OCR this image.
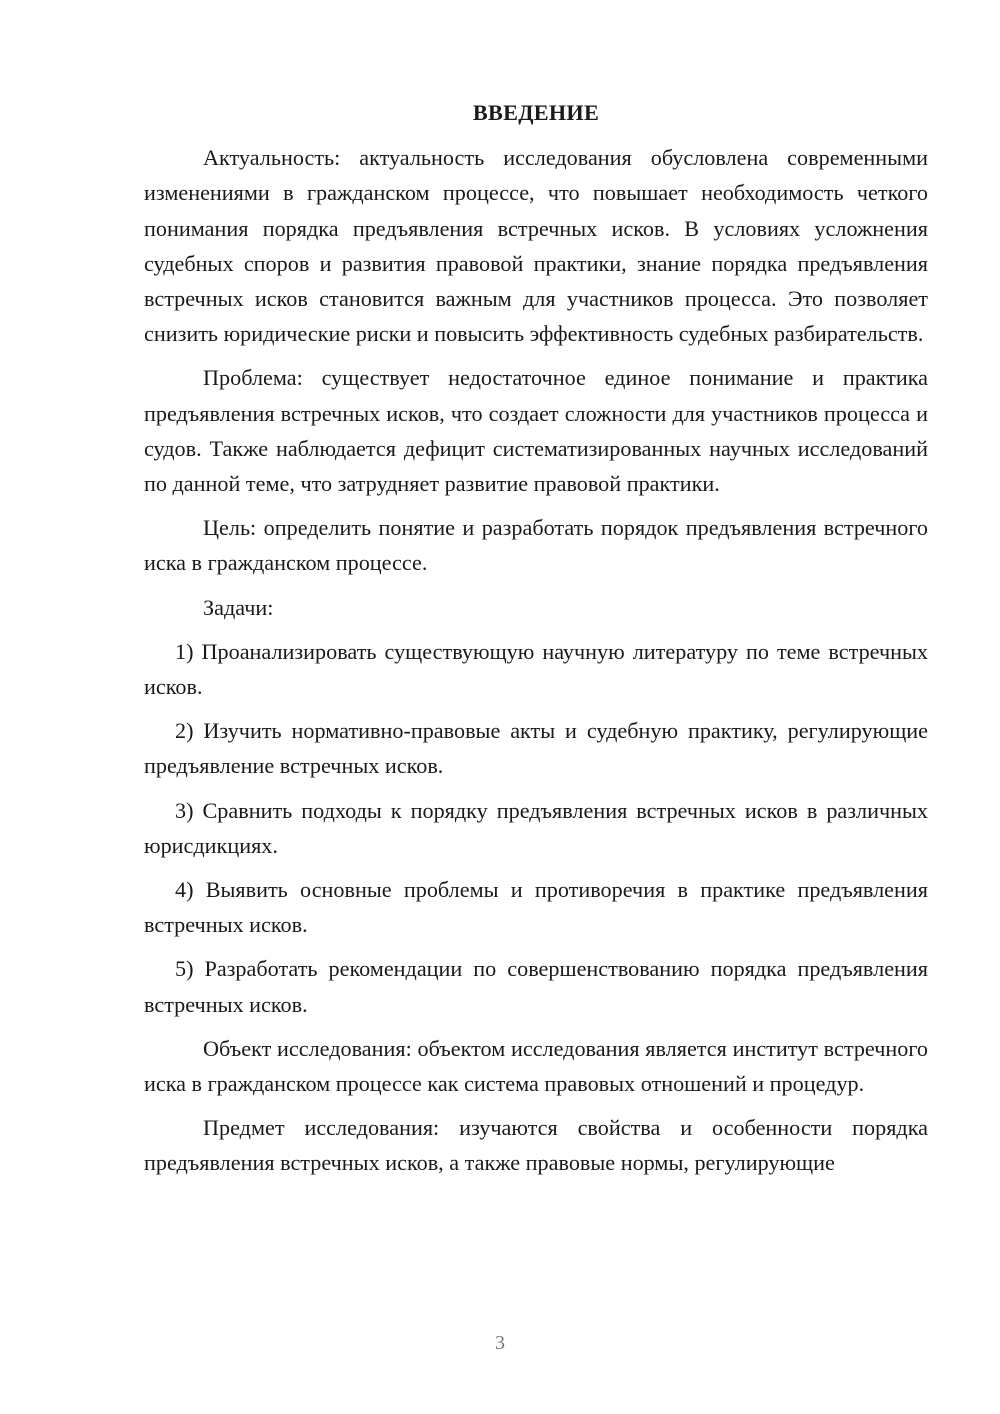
ВВЕДЕНИЕ

Актуальность: актуальность исследования обусловлена современными изменениями в гражданском процессе, что повышает необходимость четкого понимания порядка предъявления встречных исков. В условиях усложнения судебных споров и развития правовой практики, знание порядка предъявления встречных исков становится важным для участников процесса. Это позволяет снизить юридические риски и повысить эффективность судебных разбирательств.

Проблема: существует недостаточное единое понимание и практика предъявления встречных исков, что создает сложности для участников процесса и судов. Также наблюдается дефицит систематизированных научных исследований по данной теме, что затрудняет развитие правовой практики.

Цель: определить понятие и разработать порядок предъявления встречного иска в гражданском процессе.

Задачи:

1) Проанализировать существующую научную литературу по теме встречных исков.

2) Изучить нормативно-правовые акты и судебную практику, регулирующие предъявление встречных исков.

3) Сравнить подходы к порядку предъявления встречных исков в различных юрисдикциях.

4) Выявить основные проблемы и противоречия в практике предъявления встречных исков.

5) Разработать рекомендации по совершенствованию порядка предъявления встречных исков.

Объект исследования: объектом исследования является институт встречного иска в гражданском процессе как система правовых отношений и процедур.

Предмет исследования: изучаются свойства и особенности порядка предъявления встречных исков, а также правовые нормы, регулирующие

3
